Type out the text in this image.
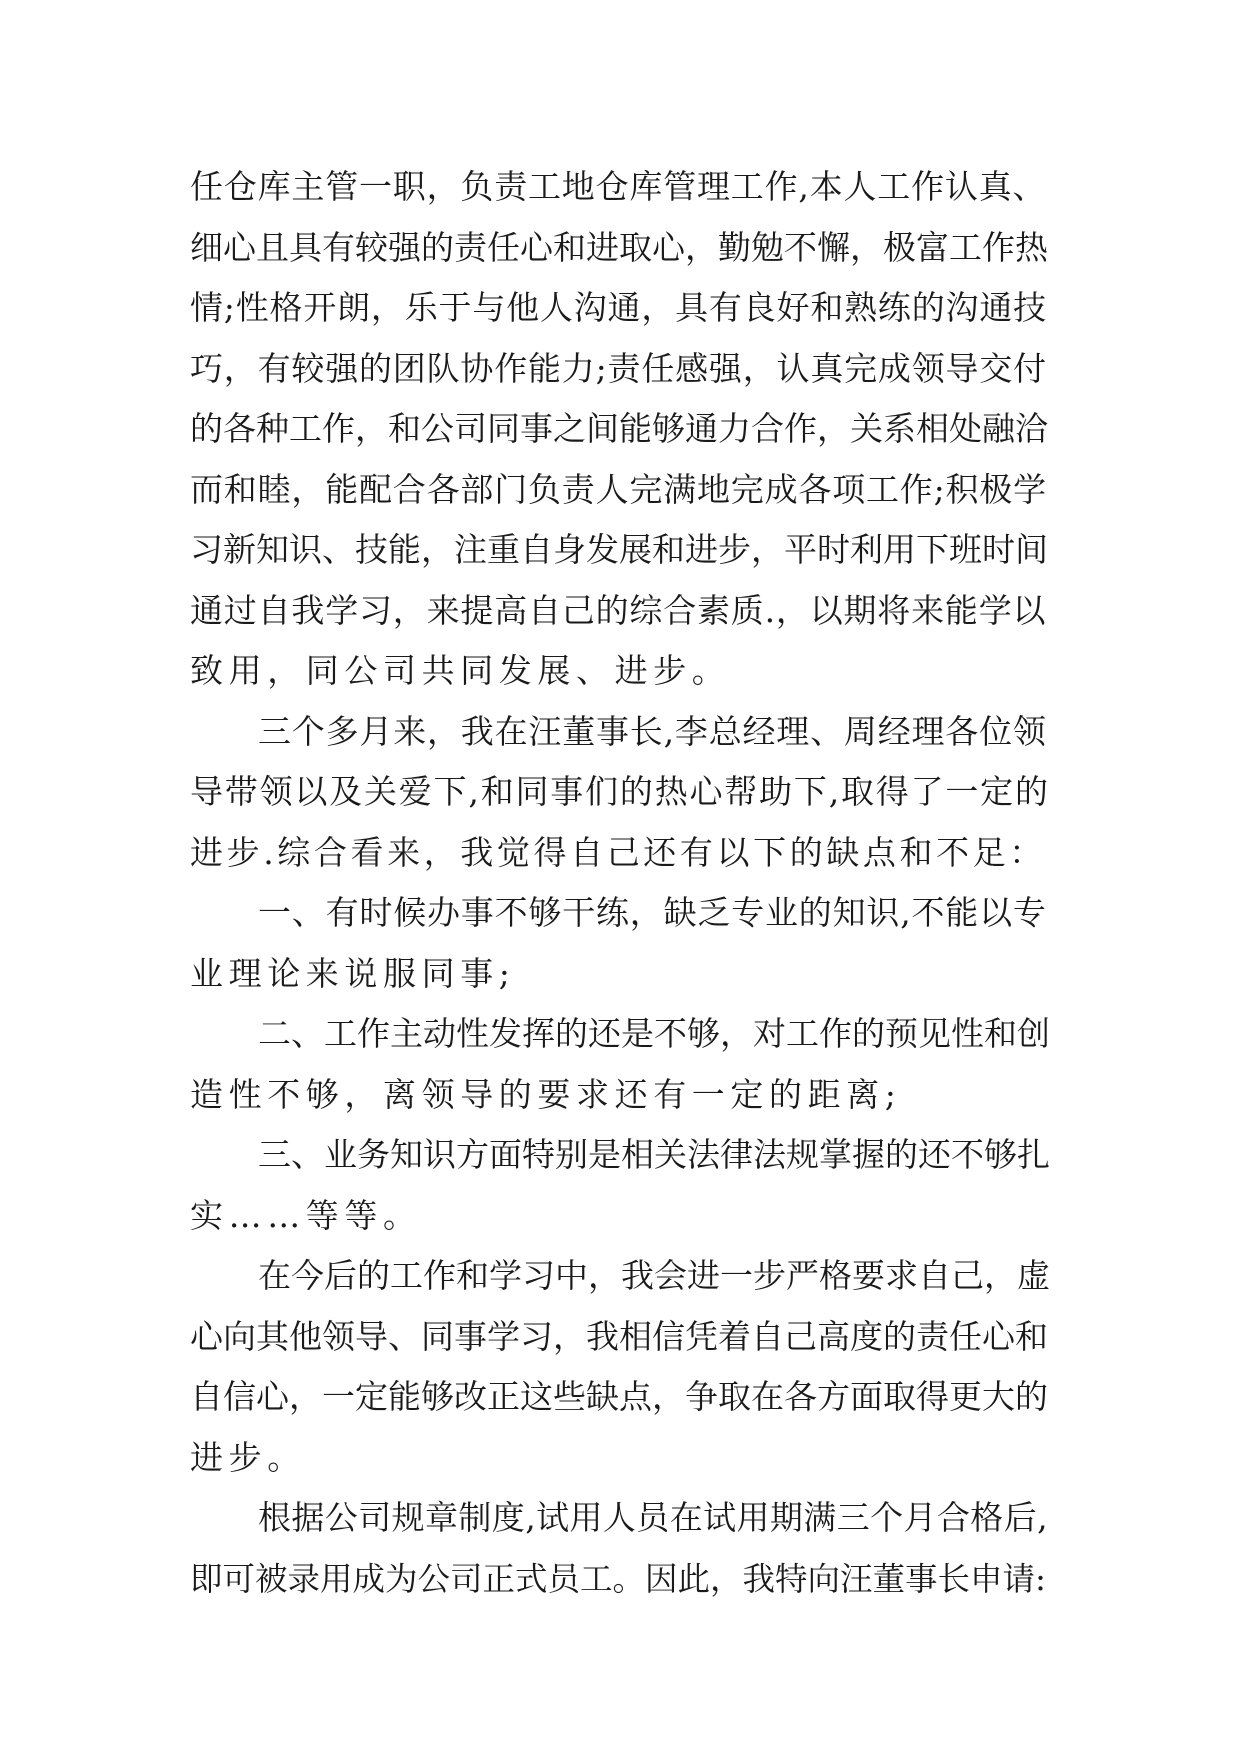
任仓库主管一职，负责工地仓库管理工作,本人工作认真、
细心且具有较强的责任心和进取心，勤勉不懈，极富工作热
情;性格开朗，乐于与他人沟通，具有良好和熟练的沟通技
巧，有较强的团队协作能力;责任感强，认真完成领导交付
的各种工作，和公司同事之间能够通力合作，关系相处融洽
而和睦，能配合各部门负责人完满地完成各项工作;积极学
习新知识、技能，注重自身发展和进步，平时利用下班时间
通过自我学习，来提高自己的综合素质.，以期将来能学以
致用，同公司共同发展、进步。
三个多月来，我在汪董事长,李总经理、周经理各位领
导带领以及关爱下,和同事们的热心帮助下,取得了一定的
进步.综合看来，我觉得自己还有以下的缺点和不足：
一、有时候办事不够干练，缺乏专业的知识,不能以专
业理论来说服同事;
二、工作主动性发挥的还是不够，对工作的预见性和创
造性不够，离领导的要求还有一定的距离;
三、业务知识方面特别是相关法律法规掌握的还不够扎
实……等等。
在今后的工作和学习中，我会进一步严格要求自己，虚
心向其他领导、同事学习，我相信凭着自己高度的责任心和
自信心，一定能够改正这些缺点，争取在各方面取得更大的
进步。
根据公司规章制度,试用人员在试用期满三个月合格后,
即可被录用成为公司正式员工。因此，我特向汪董事长申请:
